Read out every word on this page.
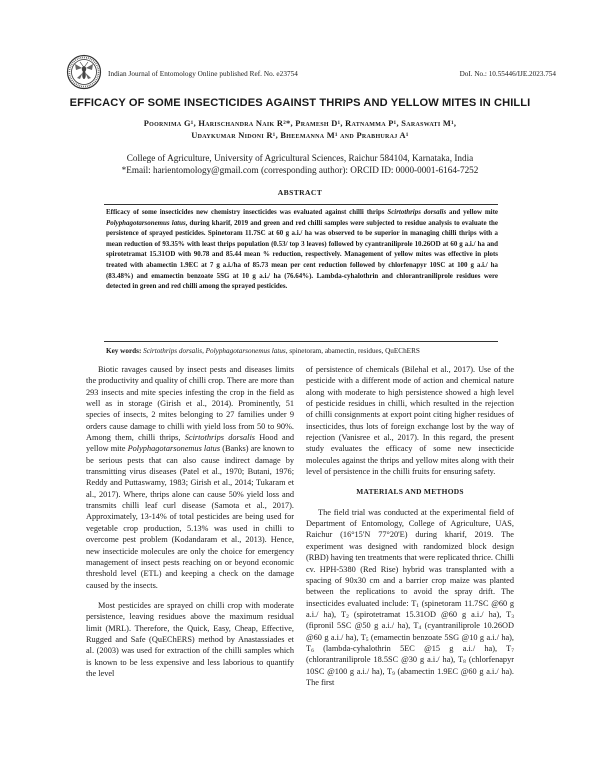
Indian Journal of Entomology Online published Ref. No. e23754	DoI. No.: 10.55446/IJE.2023.754
EFFICACY OF SOME INSECTICIDES AGAINST THRIPS AND YELLOW MITES IN CHILLI
Poornima G¹, Harischandra Naik R²*, Pramesh D¹, Ratnamma P¹, Saraswati M¹,
Udaykumar Nidoni R¹, Bheemanna M¹ and Prabhuraj A¹
College of Agriculture, University of Agricultural Sciences, Raichur 584104, Karnataka, India
*Email: harientomology@gmail.com (corresponding author): ORCID ID: 0000-0001-6164-7252
ABSTRACT
Efficacy of some insecticides new chemistry insecticides was evaluated against chilli thrips Scirtothrips dorsalis and yellow mite Polyphagotarsonemus latus, during kharif, 2019 and green and red chilli samples were subjected to residue analysis to evaluate the persistence of sprayed pesticides. Spinetoram 11.7SC at 60 g a.i./ ha was observed to be superior in managing chilli thrips with a mean reduction of 93.35% with least thrips population (0.53/ top 3 leaves) followed by cyantraniliprole 10.26OD at 60 g a.i./ ha and spirotetramat 15.31OD with 90.78 and 85.44 mean % reduction, respectively. Management of yellow mites was effective in plots treated with abamectin 1.9EC at 7 g a.i./ha of 85.73 mean per cent reduction followed by chlorfenapyr 10SC at 100 g a.i./ ha (83.48%) and emamectin benzoate 5SG at 10 g a.i./ ha (76.64%). Lambda-cyhalothrin and chlorantraniliprole residues were detected in green and red chilli among the sprayed pesticides.
Key words: Scirtothrips dorsalis, Polyphagotarsonemus latus, spinetoram, abamectin, residues, QuEChERS

Biotic ravages caused by insect pests and diseases limits the productivity and quality of chilli crop. There are more than 293 insects and mite species infesting the crop in the field as well as in storage (Girish et al., 2014). Prominently, 51 species of insects, 2 mites belonging to 27 families under 9 orders cause damage to chilli with yield loss from 50 to 90%. Among them, chilli thrips, Scirtothrips dorsalis Hood and yellow mite Polyphagotarsonemus latus (Banks) are known to be serious pests that can also cause indirect damage by transmitting virus diseases (Patel et al., 1970; Butani, 1976; Reddy and Puttaswamy, 1983; Girish et al., 2014; Tukaram et al., 2017). Where, thrips alone can cause 50% yield loss and transmits chilli leaf curl disease (Samota et al., 2017). Approximately, 13-14% of total pesticides are being used for vegetable crop production, 5.13% was used in chilli to overcome pest problem (Kodandaram et al., 2013). Hence, new insecticide molecules are only the choice for emergency management of insect pests reaching on or beyond economic threshold level (ETL) and keeping a check on the damage caused by the insects.

Most pesticides are sprayed on chilli crop with moderate persistence, leaving residues above the maximum residual limit (MRL). Therefore, the Quick, Easy, Cheap, Effective, Rugged and Safe (QuEChERS) method by Anastassiades et al. (2003) was used for extraction of the chilli samples which is known to be less expensive and less laborious to quantify the level

of persistence of chemicals (Bilehal et al., 2017). Use of the pesticide with a different mode of action and chemical nature along with moderate to high persistence showed a high level of pesticide residues in chilli, which resulted in the rejection of chilli consignments at export point citing higher residues of insecticides, thus lots of foreign exchange lost by the way of rejection (Vanisree et al., 2017). In this regard, the present study evaluates the efficacy of some new insecticide molecules against the thrips and yellow mites along with their level of persistence in the chilli fruits for ensuring safety.

MATERIALS AND METHODS

The field trial was conducted at the experimental field of Department of Entomology, College of Agriculture, UAS, Raichur (16°15'N 77°20'E) during kharif, 2019. The experiment was designed with randomized block design (RBD) having ten treatments that were replicated thrice. Chilli cv. HPH-5380 (Red Rise) hybrid was transplanted with a spacing of 90x30 cm and a barrier crop maize was planted between the replications to avoid the spray drift. The insecticides evaluated include: $T_1$ (spinetoram 11.7SC @60 g a.i./ ha), $T_2$ (spirotetramat 15.31OD @60 g a.i./ ha), $T_3$ (fipronil 5SC @50 g a.i./ ha), $T_4$ (cyantraniliprole 10.26OD @60 g a.i./ ha), $T_5$ (emamectin benzoate 5SG @10 g a.i./ ha), $T_6$ (lambda-cyhalothrin 5EC @15 g a.i./ ha), $T_7$ (chlorantraniliprole 18.5SC @30 g a.i./ ha), $T_8$ (chlorfenapyr 10SC @100 g a.i./ ha), $T_9$ (abamectin 1.9EC @60 g a.i./ ha). The first
